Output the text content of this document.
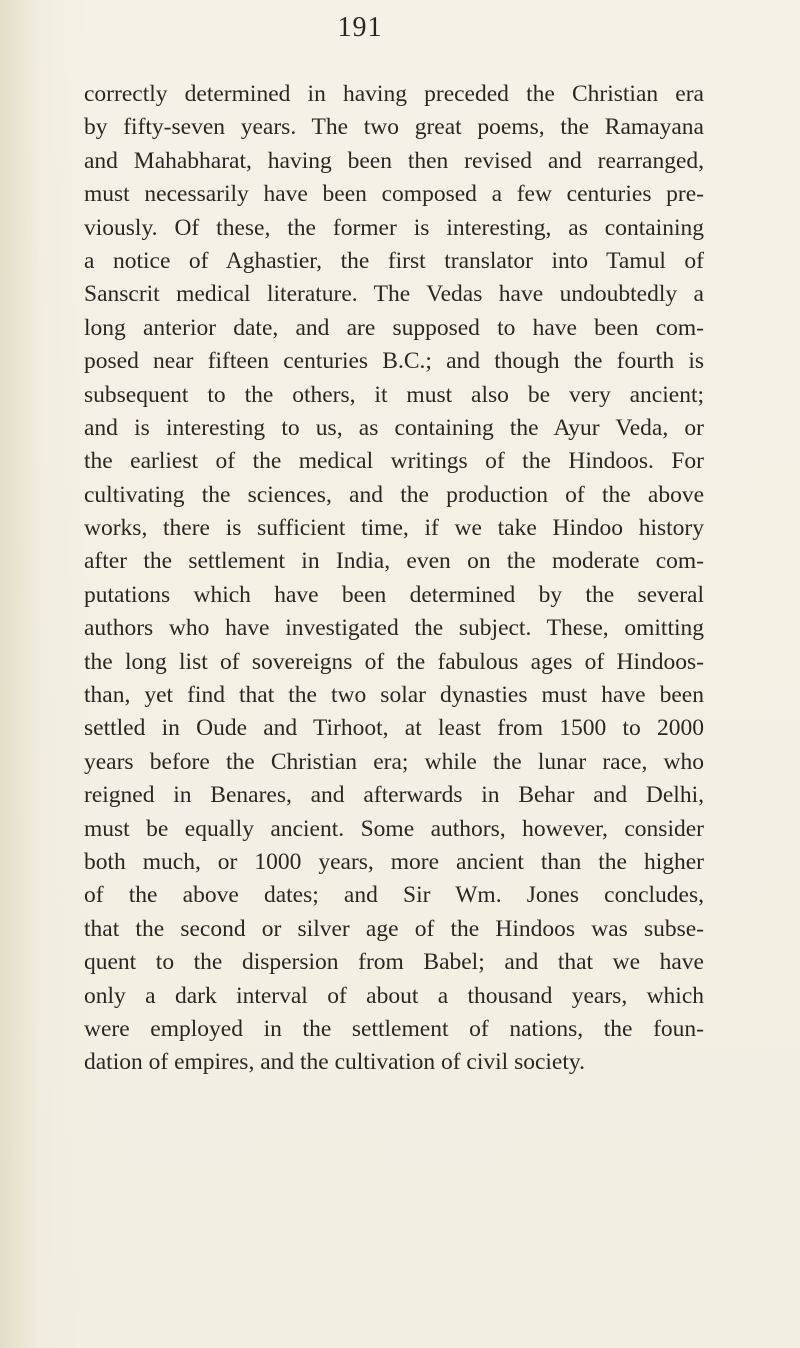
191
correctly determined in having preceded the Christian era
by fifty-seven years. The two great poems, the Ramayana
and Mahabharat, having been then revised and rearranged,
must necessarily have been composed a few centuries pre-
viously. Of these, the former is interesting, as containing
a notice of Aghastier, the first translator into Tamul of
Sanscrit medical literature. The Vedas have undoubtedly a
long anterior date, and are supposed to have been com-
posed near fifteen centuries B.C.; and though the fourth is
subsequent to the others, it must also be very ancient;
and is interesting to us, as containing the Ayur Veda, or
the earliest of the medical writings of the Hindoos. For
cultivating the sciences, and the production of the above
works, there is sufficient time, if we take Hindoo history
after the settlement in India, even on the moderate com-
putations which have been determined by the several
authors who have investigated the subject. These, omitting
the long list of sovereigns of the fabulous ages of Hindoos-
than, yet find that the two solar dynasties must have been
settled in Oude and Tirhoot, at least from 1500 to 2000
years before the Christian era; while the lunar race, who
reigned in Benares, and afterwards in Behar and Delhi,
must be equally ancient. Some authors, however, consider
both much, or 1000 years, more ancient than the higher
of the above dates; and Sir Wm. Jones concludes,
that the second or silver age of the Hindoos was subse-
quent to the dispersion from Babel; and that we have
only a dark interval of about a thousand years, which
were employed in the settlement of nations, the foun-
dation of empires, and the cultivation of civil society.
